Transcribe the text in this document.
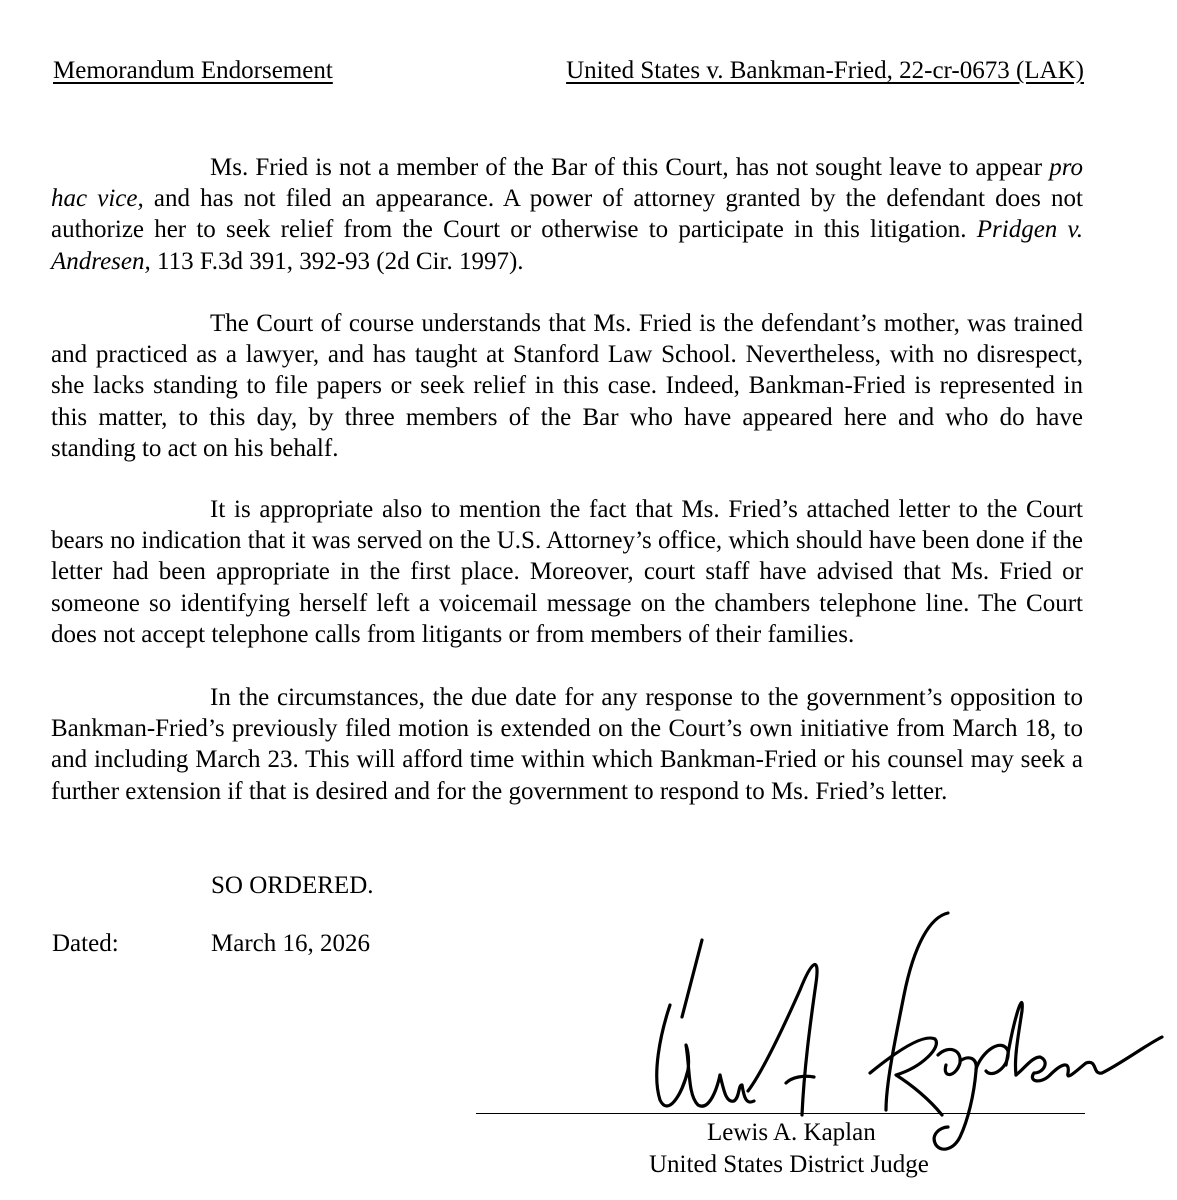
Memorandum Endorsement	United States v. Bankman-Fried, 22-cr-0673 (LAK)

Ms. Fried is not a member of the Bar of this Court, has not sought leave to appear pro hac vice, and has not filed an appearance. A power of attorney granted by the defendant does not authorize her to seek relief from the Court or otherwise to participate in this litigation. Pridgen v. Andresen, 113 F.3d 391, 392-93 (2d Cir. 1997).

The Court of course understands that Ms. Fried is the defendant’s mother, was trained and practiced as a lawyer, and has taught at Stanford Law School. Nevertheless, with no disrespect, she lacks standing to file papers or seek relief in this case. Indeed, Bankman-Fried is represented in this matter, to this day, by three members of the Bar who have appeared here and who do have standing to act on his behalf.

It is appropriate also to mention the fact that Ms. Fried’s attached letter to the Court bears no indication that it was served on the U.S. Attorney’s office, which should have been done if the letter had been appropriate in the first place. Moreover, court staff have advised that Ms. Fried or someone so identifying herself left a voicemail message on the chambers telephone line. The Court does not accept telephone calls from litigants or from members of their families.

In the circumstances, the due date for any response to the government’s opposition to Bankman-Fried’s previously filed motion is extended on the Court’s own initiative from March 18, to and including March 23. This will afford time within which Bankman-Fried or his counsel may seek a further extension if that is desired and for the government to respond to Ms. Fried’s letter.

SO ORDERED.
Dated:	March 16, 2026
Lewis A. Kaplan
United States District Judge
